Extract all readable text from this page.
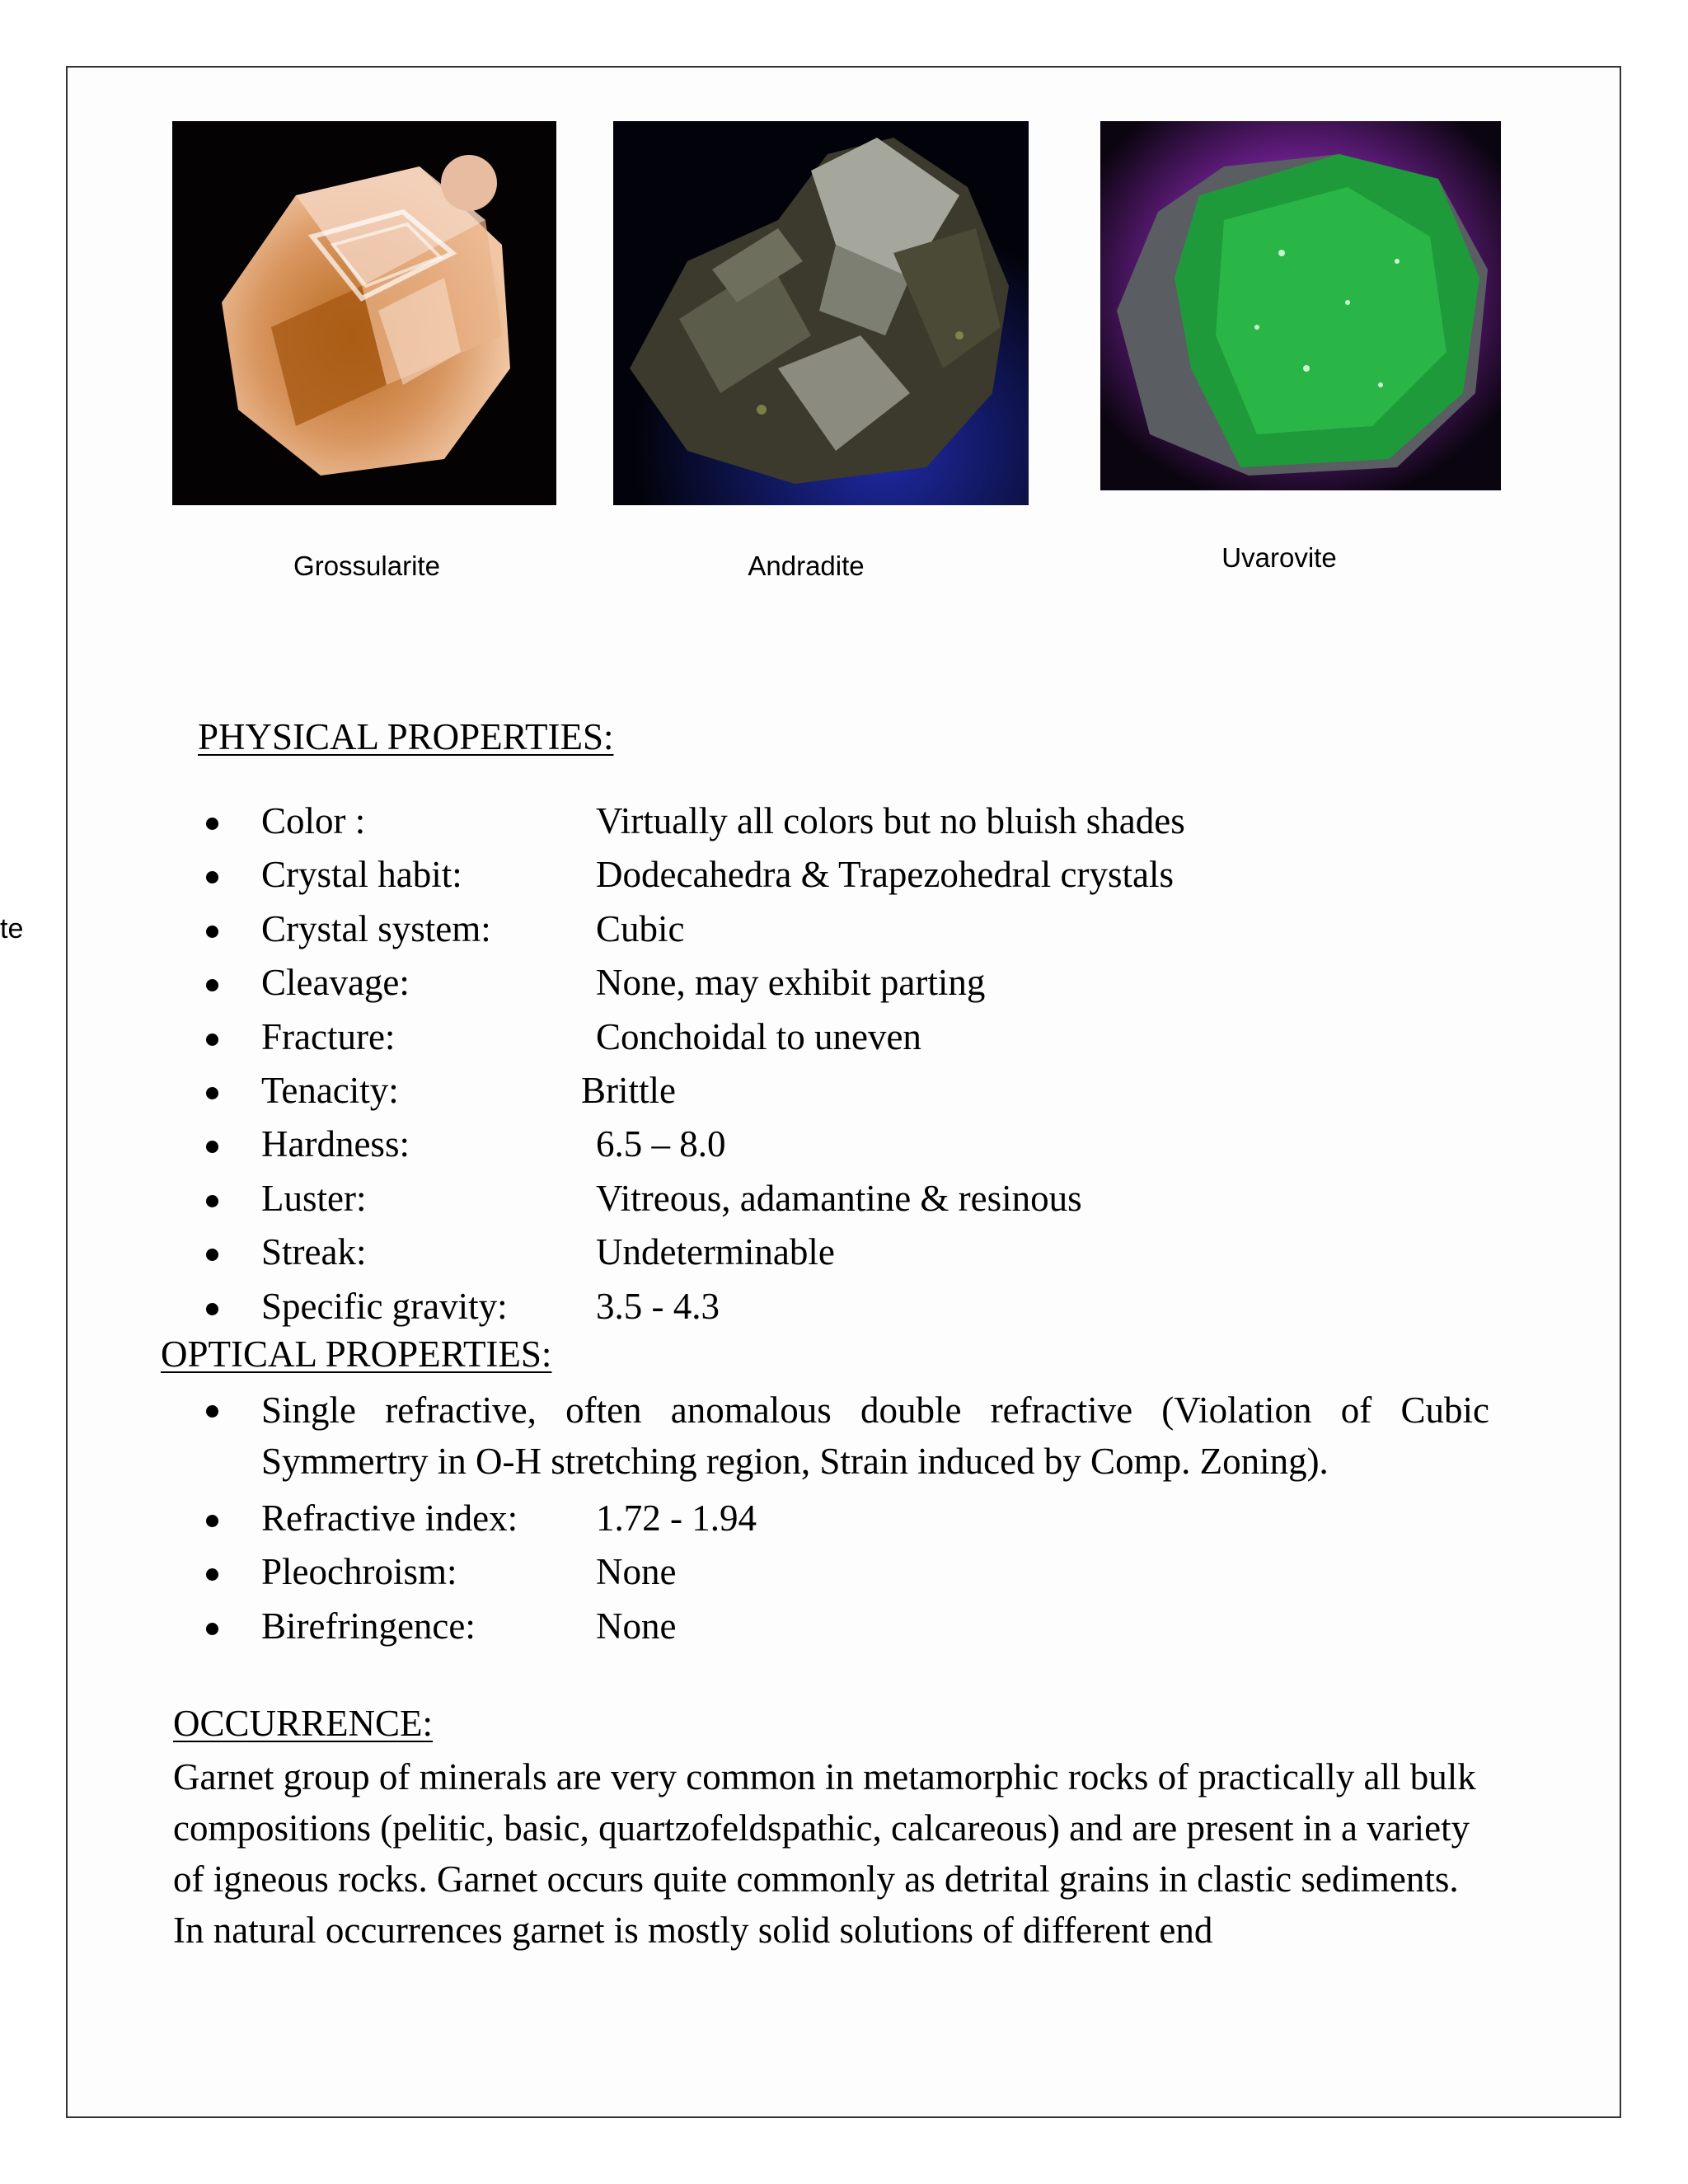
te
Grossularite	Andradite	Uvarovite
PHYSICAL PROPERTIES:
Color :	Virtually all colors but no bluish shades
Crystal habit:	Dodecahedra & Trapezohedral crystals
Crystal system:	Cubic
Cleavage:	None, may exhibit parting
Fracture:	Conchoidal to uneven
Tenacity:	Brittle
Hardness:	6.5 – 8.0
Luster:	Vitreous, adamantine & resinous
Streak:	Undeterminable
Specific gravity: 3.5 - 4.3
OPTICAL PROPERTIES:
Single refractive, often anomalous double refractive (Violation of Cubic Symmertry in O-H stretching region, Strain induced by Comp. Zoning).
Refractive index: 1.72 - 1.94
Pleochroism:	None
Birefringence:	None
OCCURRENCE:
Garnet group of minerals are very common in metamorphic rocks of practically all bulk compositions (pelitic, basic, quartzofeldspathic, calcareous) and are present in a variety of igneous rocks. Garnet occurs quite commonly as detrital grains in clastic sediments. In natural occurrences garnet is mostly solid solutions of different end
